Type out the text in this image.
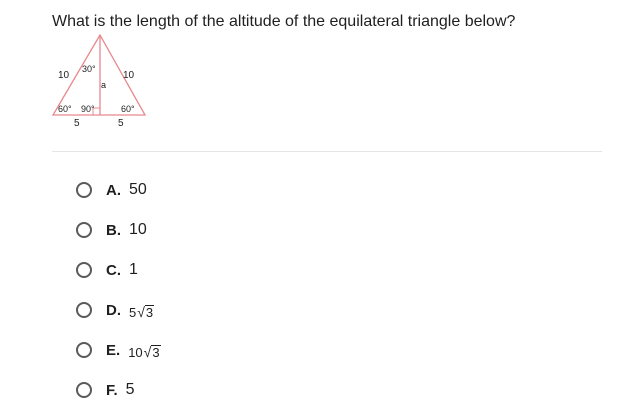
What is the length of the altitude of the equilateral triangle below?
10	10
30°
a
60° 90°	60°
5	5
A. 50
B. 10
C. 1
D. 5 √ 3
E. 10 √ 3
F. 5
